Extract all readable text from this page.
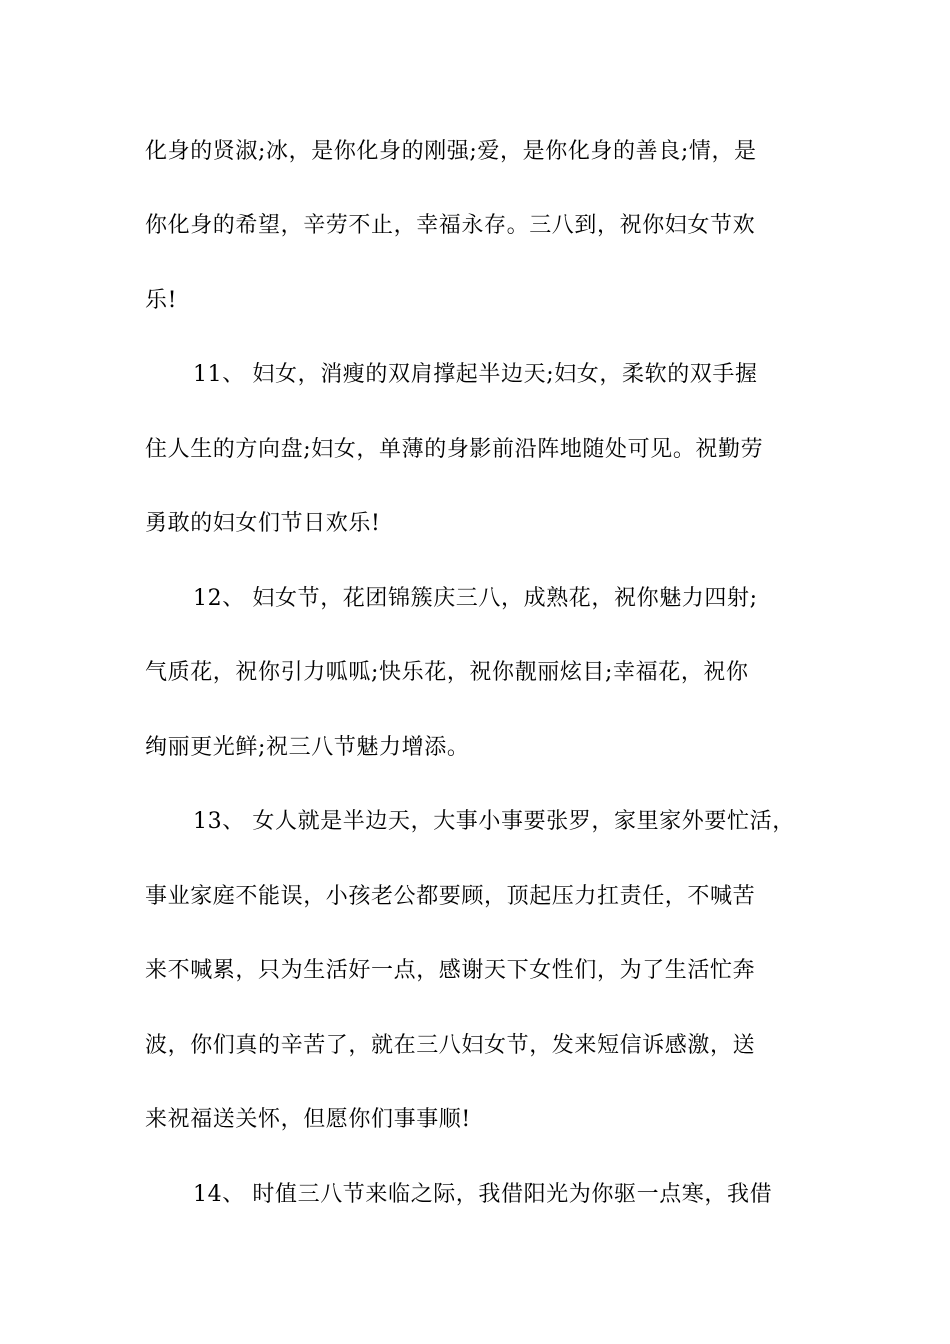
化身的贤淑;冰，是你化身的刚强;爱，是你化身的善良;情，是
你化身的希望，辛劳不止，幸福永存。三八到，祝你妇女节欢
乐!
11、 妇女，消瘦的双肩撑起半边天;妇女，柔软的双手握
住人生的方向盘;妇女，单薄的身影前沿阵地随处可见。祝勤劳
勇敢的妇女们节日欢乐!
12、 妇女节，花团锦簇庆三八，成熟花，祝你魅力四射;
气质花，祝你引力呱呱;快乐花，祝你靓丽炫目;幸福花，祝你
绚丽更光鲜;祝三八节魅力增添。
13、 女人就是半边天，大事小事要张罗，家里家外要忙活，
事业家庭不能误，小孩老公都要顾，顶起压力扛责任，不喊苦
来不喊累，只为生活好一点，感谢天下女性们，为了生活忙奔
波，你们真的辛苦了，就在三八妇女节，发来短信诉感激，送
来祝福送关怀，但愿你们事事顺!
14、 时值三八节来临之际，我借阳光为你驱一点寒，我借
